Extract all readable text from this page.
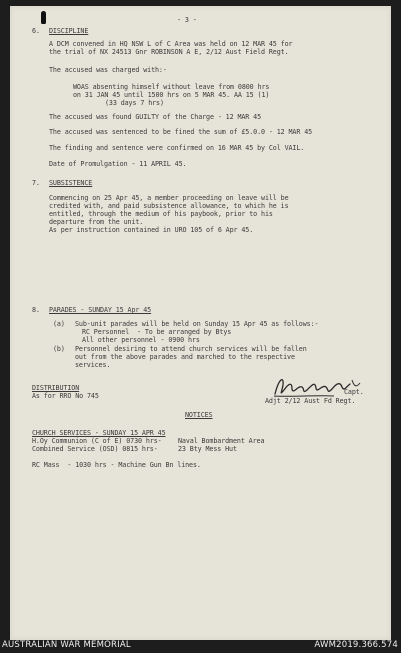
- 3 -
6. DISCIPLINE
A DCM convened in HQ NSW L of C Area was held on 12 MAR 45 for
the trial of NX 24513 Gnr ROBINSON A E, 2/12 Aust Field Regt.
The accused was charged with:-
WOAS absenting himself without leave from 0800 hrs
on 31 JAN 45 until 1500 hrs on 5 MAR 45. AA 15 (1)
(33 days 7 hrs)
The accused was found GUILTY of the Charge - 12 MAR 45
The accused was sentenced to be fined the sum of £5.0.0 - 12 MAR 45
The finding and sentence were confirmed on 16 MAR 45 by Col VAIL.
Date of Promulgation - 11 APRIL 45.
7. SUBSISTENCE
Commencing on 25 Apr 45, a member proceeding on leave will be
credited with, and paid subsistence allowance, to which he is
entitled, through the medium of his paybook, prior to his
departure from the unit.
As per instruction contained in URO 105 of 6 Apr 45.
8. PARADES - SUNDAY 15 Apr 45
(a) Sub-unit parades will be held on Sunday 15 Apr 45 as follows:-
RC Personnel  - To be arranged by Btys
All other personnel - 0900 hrs
(b) Personnel desiring to attend church services will be fallen
out from the above parades and marched to the respective
services.
DISTRIBUTION
As for RRO No 745	Capt.
Adjt 2/12 Aust Fd Regt.
NOTICES
CHURCH SERVICES - SUNDAY 15 APR 45
H.Oy Communion (C of E) 0730 hrs- Naval Bombardment Area
Combined Service (OSD) 0815 hrs-	23 Bty Mess Hut
RC Mass  - 1030 hrs - Machine Gun Bn lines.
AUSTRALIAN WAR MEMORIAL	AWM2019.366.574
